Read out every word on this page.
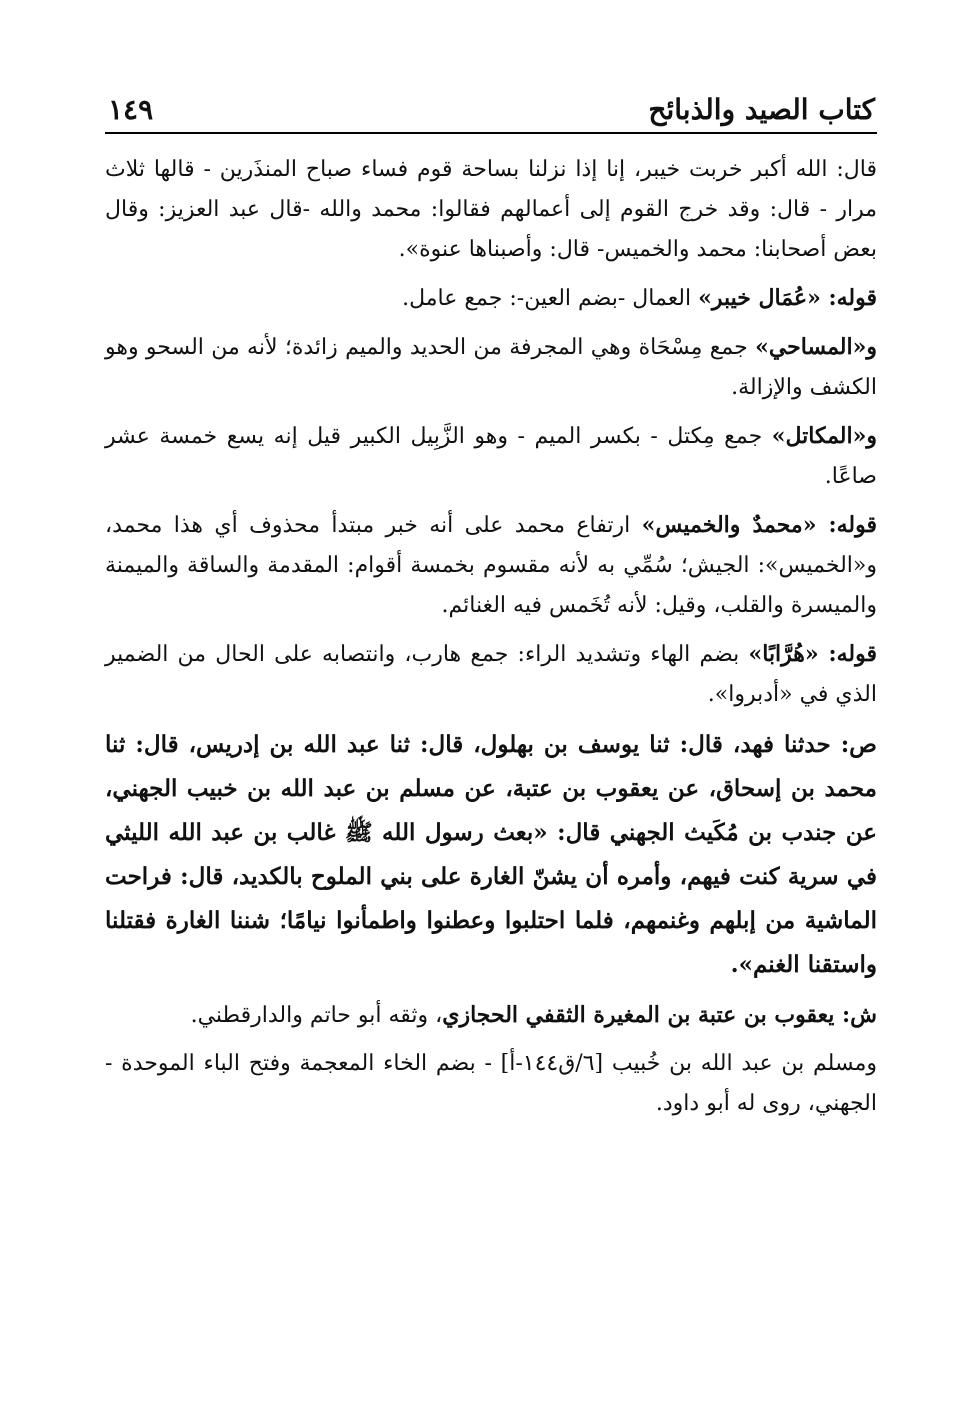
كتاب الصيد والذبائح
١٤٩

قال: الله أكبر خربت خيبر، إنا إذا نزلنا بساحة قوم فساء صباح المنذَرين - قالها ثلاث مرار - قال: وقد خرج القوم إلى أعمالهم فقالوا: محمد والله -قال عبد العزيز: وقال بعض أصحابنا: محمد والخميس- قال: وأصبناها عنوة».

قوله: «عُمَال خيبر» العمال -بضم العين-: جمع عامل.

و«المساحي» جمع مِسْحَاة وهي المجرفة من الحديد والميم زائدة؛ لأنه من السحو وهو الكشف والإزالة.

و«المكاتل» جمع مِكتل - بكسر الميم - وهو الزَّبِيل الكبير قيل إنه يسع خمسة عشر صاعًا.

قوله: «محمدٌ والخميس» ارتفاع محمد على أنه خبر مبتدأ محذوف أي هذا محمد، و«الخميس»: الجيش؛ سُمِّي به لأنه مقسوم بخمسة أقوام: المقدمة والساقة والميمنة والميسرة والقلب، وقيل: لأنه تُخَمس فيه الغنائم.

قوله: «هُرَّابًا» بضم الهاء وتشديد الراء: جمع هارب، وانتصابه على الحال من الضمير الذي في «أدبروا».

ص: حدثنا فهد، قال: ثنا يوسف بن بهلول، قال: ثنا عبد الله بن إدريس، قال: ثنا محمد بن إسحاق، عن يعقوب بن عتبة، عن مسلم بن عبد الله بن خبيب الجهني، عن جندب بن مُكَيث الجهني قال: «بعث رسول الله ﷺ غالب بن عبد الله الليثي في سرية كنت فيهم، وأمره أن يشنّ الغارة على بني الملوح بالكديد، قال: فراحت الماشية من إبلهم وغنمهم، فلما احتلبوا وعطنوا واطمأنوا نيامًا؛ شننا الغارة فقتلنا واستقنا الغنم».

ش: يعقوب بن عتبة بن المغيرة الثقفي الحجازي، وثقه أبو حاتم والدارقطني.

ومسلم بن عبد الله بن خُبيب [٦/ق١٤٤-أ] - بضم الخاء المعجمة وفتح الباء الموحدة - الجهني، روى له أبو داود.
